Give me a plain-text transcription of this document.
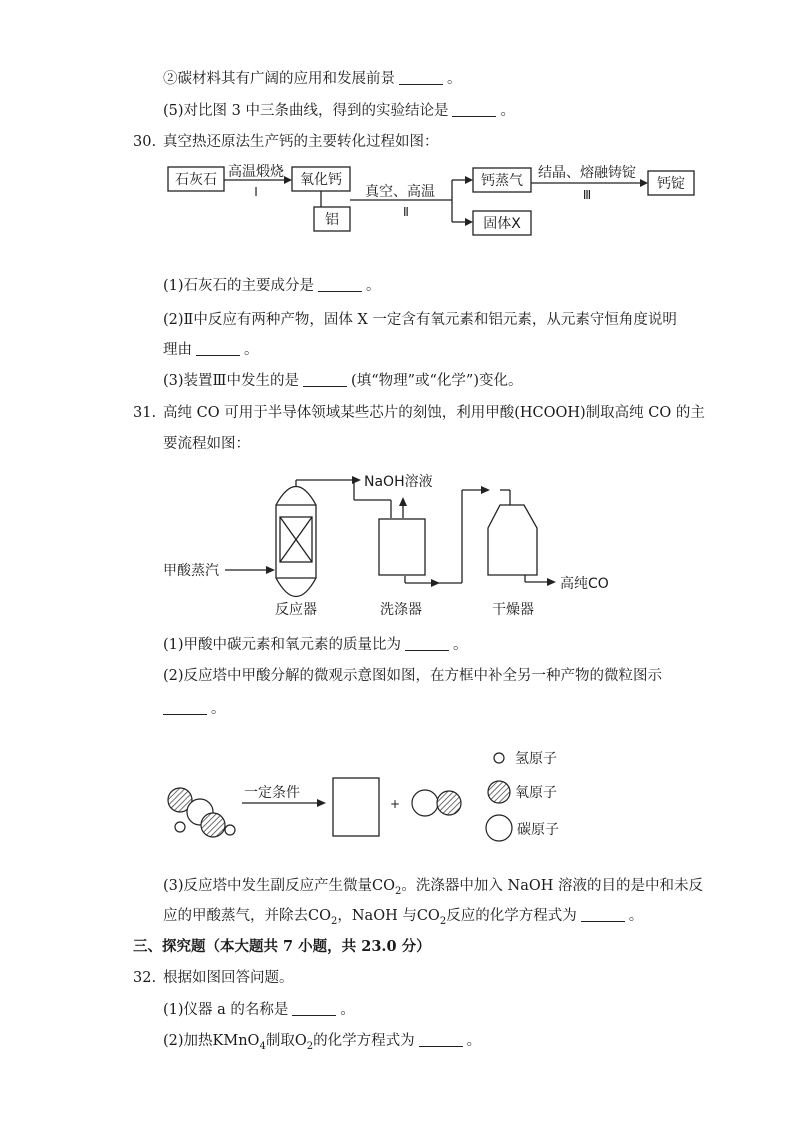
②碳材料其有广阔的应用和发展前景	。
(5)对比图 3 中三条曲线，得到的实验结论是	。
30. 真空热还原法生产钙的主要转化过程如图：
石灰石	氧化钙
铝
钙蒸气
固体X
钙锭
高温煅烧
Ⅰ	真空、高温
Ⅱ
结晶、熔融铸锭
Ⅲ
(1)石灰石的主要成分是	。
(2)Ⅱ中反应有两种产物，固体 X 一定含有氧元素和铝元素，从元素守恒角度说明
理由	。
(3)装置Ⅲ中发生的是	(填“物理”或“化学”)变化。
31. 高纯 CO 可用于半导体领域某些芯片的刻蚀，利用甲酸(HCOOH)制取高纯 CO 的主
要流程如图：
NaOH溶液
甲酸蒸汽
反应器	洗涤器	干燥器
高纯CO
(1)甲酸中碳元素和氧元素的质量比为	。
(2)反应塔中甲酸分解的微观示意图如图，在方框中补全另一种产物的微粒图示
。
一定条件
+
氢原子
氧原子
碳原子
(3)反应塔中发生副反应产生微量$CO_2$。洗涤器中加入 NaOH 溶液的目的是中和未反
应的甲酸蒸气，并除去$CO_2$，NaOH 与$CO_2$反应的化学方程式为	。
三、探究题（本大题共 7 小题，共 23.0 分）
32. 根据如图回答问题。
(1)仪器 a 的名称是	。
(2)加热KMnO$_4$制取$O_2$的化学方程式为	。
